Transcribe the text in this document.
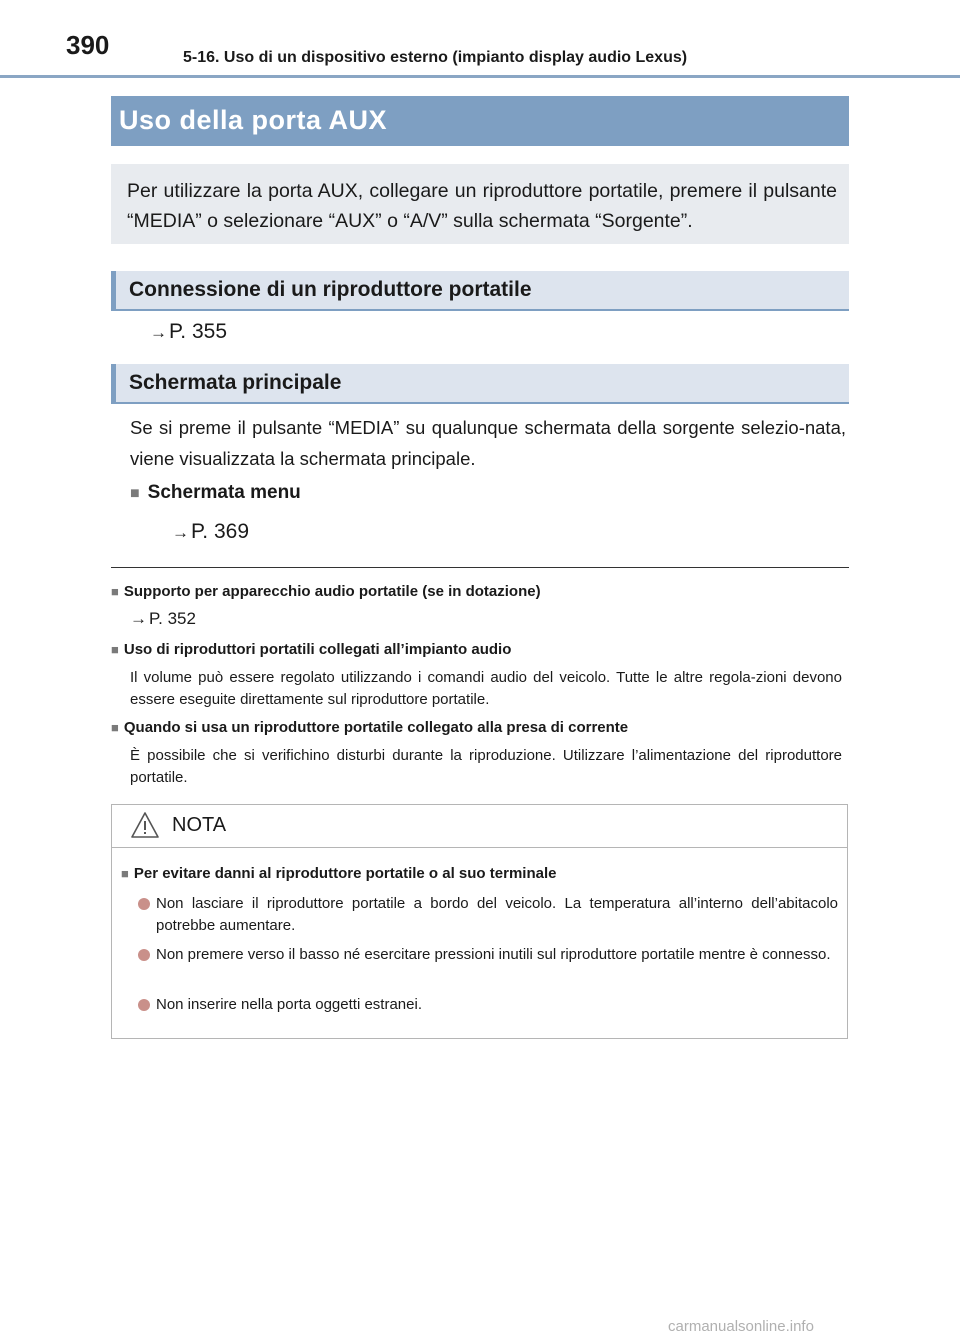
390	5-16. Uso di un dispositivo esterno (impianto display audio Lexus)
Uso della porta AUX
Per utilizzare la porta AUX, collegare un riproduttore portatile, premere il pulsante “MEDIA” o selezionare “AUX” o “A/V” sulla schermata “Sorgente”.
Connessione di un riproduttore portatile
→P. 355
Schermata principale
Se si preme il pulsante “MEDIA” su qualunque schermata della sorgente selezio-nata, viene visualizzata la schermata principale.
■ Schermata menu
→P. 369
■ Supporto per apparecchio audio portatile (se in dotazione)
→ P. 352
■ Uso di riproduttori portatili collegati all’impianto audio
Il volume può essere regolato utilizzando i comandi audio del veicolo. Tutte le altre regola-zioni devono essere eseguite direttamente sul riproduttore portatile.
■ Quando si usa un riproduttore portatile collegato alla presa di corrente
È possibile che si verifichino disturbi durante la riproduzione. Utilizzare l’alimentazione del riproduttore portatile.
NOTA
■ Per evitare danni al riproduttore portatile o al suo terminale
Non lasciare il riproduttore portatile a bordo del veicolo. La temperatura all’interno dell’abitacolo potrebbe aumentare.
Non premere verso il basso né esercitare pressioni inutili sul riproduttore portatile mentre è connesso.
Non inserire nella porta oggetti estranei.
carmanualsonline.info
